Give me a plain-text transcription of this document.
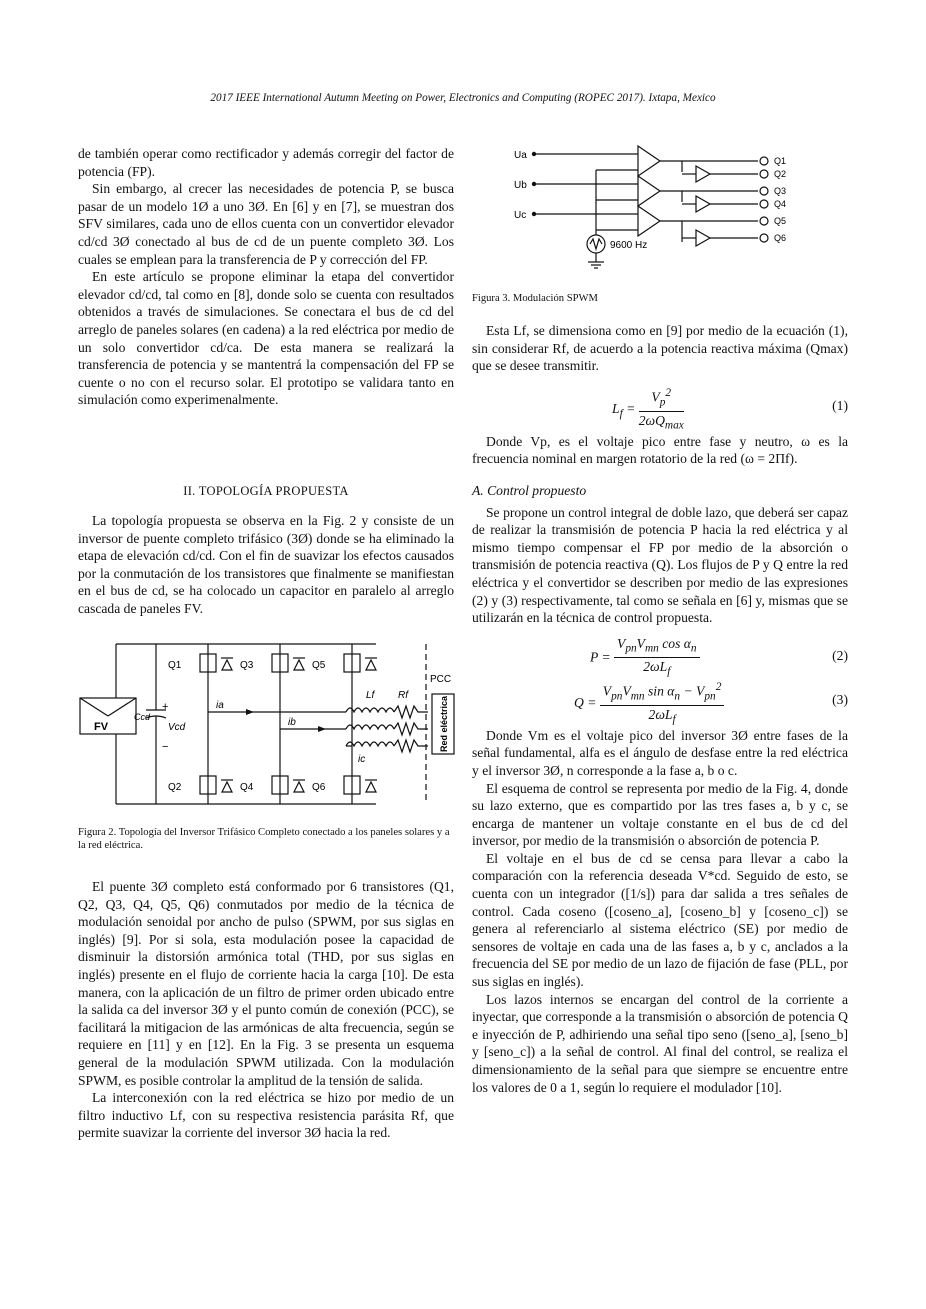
2017 IEEE International Autumn Meeting on Power, Electronics and Computing (ROPEC 2017). Ixtapa, Mexico

de también operar como rectificador y además corregir del factor de potencia (FP).

Sin embargo, al crecer las necesidades de potencia P, se busca pasar de un modelo 1Ø a uno 3Ø. En [6] y en [7], se muestran dos SFV similares, cada uno de ellos cuenta con un convertidor elevador cd/cd 3Ø conectado al bus de cd de un puente completo 3Ø. Los cuales se emplean para la transferencia de P y corrección del FP.

En este artículo se propone eliminar la etapa del convertidor elevador cd/cd, tal como en [8], donde solo se cuenta con resultados obtenidos a través de simulaciones. Se conectara el bus de cd del arreglo de paneles solares (en cadena) a la red eléctrica por medio de un solo convertidor cd/ca. De esta manera se realizará la transferencia de potencia y se mantentrá la compensación del FP se cuente o no con el recurso solar. El prototipo se validara tanto en simulación como experimenalmente.

II. TOPOLOGÍA PROPUESTA

La topología propuesta se observa en la Fig. 2 y consiste de un inversor de puente completo trifásico (3Ø) donde se ha eliminado la etapa de elevación cd/cd. Con el fin de suavizar los efectos causados por la conmutación de los transistores que finalmente se manifiestan en el bus de cd, se ha colocado un capacitor en paralelo al arreglo cascada de paneles FV.

FV
Ccd
+
Vcd
−
Q1	Q3	Q5
Q2	Q4	Q6
ia
ib
ic
Lf Rf
PCC
Red eléctrica
Figura 2. Topología del Inversor Trifásico Completo conectado a los paneles solares y a la red eléctrica.

El puente 3Ø completo está conformado por 6 transistores (Q1, Q2, Q3, Q4, Q5, Q6) conmutados por medio de la técnica de modulación senoidal por ancho de pulso (SPWM, por sus siglas en inglés) [9]. Por si sola, esta modulación posee la capacidad de disminuir la distorsión armónica total (THD, por sus siglas en inglés) presente en el flujo de corriente hacia la carga [10]. De esta manera, con la aplicación de un filtro de primer orden ubicado entre la salida ca del inversor 3Ø y el punto común de conexión (PCC), se facilitará la mitigacion de las armónicas de alta frecuencia, según se requiere en [11] y en [12]. En la Fig. 3 se presenta un esquema general de la modulación SPWM utilizada. Con la modulación SPWM, es posible controlar la amplitud de la tensión de salida.

La interconexión con la red eléctrica se hizo por medio de un filtro inductivo Lf, con su respectiva resistencia parásita Rf, que permite suavizar la corriente del inversor 3Ø hacia la red.

Ua
Ub
Uc
9600 Hz
Q1
Q2
Q3
Q4
Q5
Q6
Figura 3. Modulación SPWM

Esta Lf, se dimensiona como en [9] por medio de la ecuación (1), sin considerar Rf, de acuerdo a la potencia reactiva máxima (Qmax) que se desee transmitir.

$L_f = \frac{V_p^2}{2\omega Q_{max}}$	(1)

Donde Vp, es el voltaje pico entre fase y neutro, ω es la frecuencia nominal en margen rotatorio de la red (ω = 2Πf).

A. Control propuesto

Se propone un control integral de doble lazo, que deberá ser capaz de realizar la transmisión de potencia P hacia la red eléctrica y al mismo tiempo compensar el FP por medio de la absorción o transmisión de potencia reactiva (Q). Los flujos de P y Q entre la red eléctrica y el convertidor se describen por medio de las expresiones (2) y (3) respectivamente, tal como se señala en [6] y, mismas que se utilizarán en la técnica de control propuesta.

$P = \frac{V_{pn}V_{mn} \cos \alpha_n}{2\omega L_f}$	(2)
$Q = \frac{V_{pn}V_{mn} \sin \alpha_n - V_{pn}^2}{2\omega L_f}$	(3)

Donde Vm es el voltaje pico del inversor 3Ø entre fases de la señal fundamental, alfa es el ángulo de desfase entre la red eléctrica y el inversor 3Ø, n corresponde a la fase a, b o c.

El esquema de control se representa por medio de la Fig. 4, donde su lazo externo, que es compartido por las tres fases a, b y c, se encarga de mantener un voltaje constante en el bus de cd del inversor, por medio de la transmisión o absorción de potencia P.

El voltaje en el bus de cd se censa para llevar a cabo la comparación con la referencia deseada V*cd. Seguido de esto, se cuenta con un integrador ([1/s]) para dar salida a tres señales de control. Cada coseno ([coseno_a], [coseno_b] y [coseno_c]) se genera al referenciarlo al sistema eléctrico (SE) por medio de sensores de voltaje en cada una de las fases a, b y c, anclados a la frecuencia del SE por medio de un lazo de fijación de fase (PLL, por sus siglas en inglés).

Los lazos internos se encargan del control de la corriente a inyectar, que corresponde a la transmisión o absorción de potencia Q e inyección de P, adhiriendo una señal tipo seno ([seno_a], [seno_b] y [seno_c]) a la señal de control. Al final del control, se realiza el dimensionamiento de la señal para que siempre se encuentre entre los valores de 0 a 1, según lo requiere el modulador [10].
